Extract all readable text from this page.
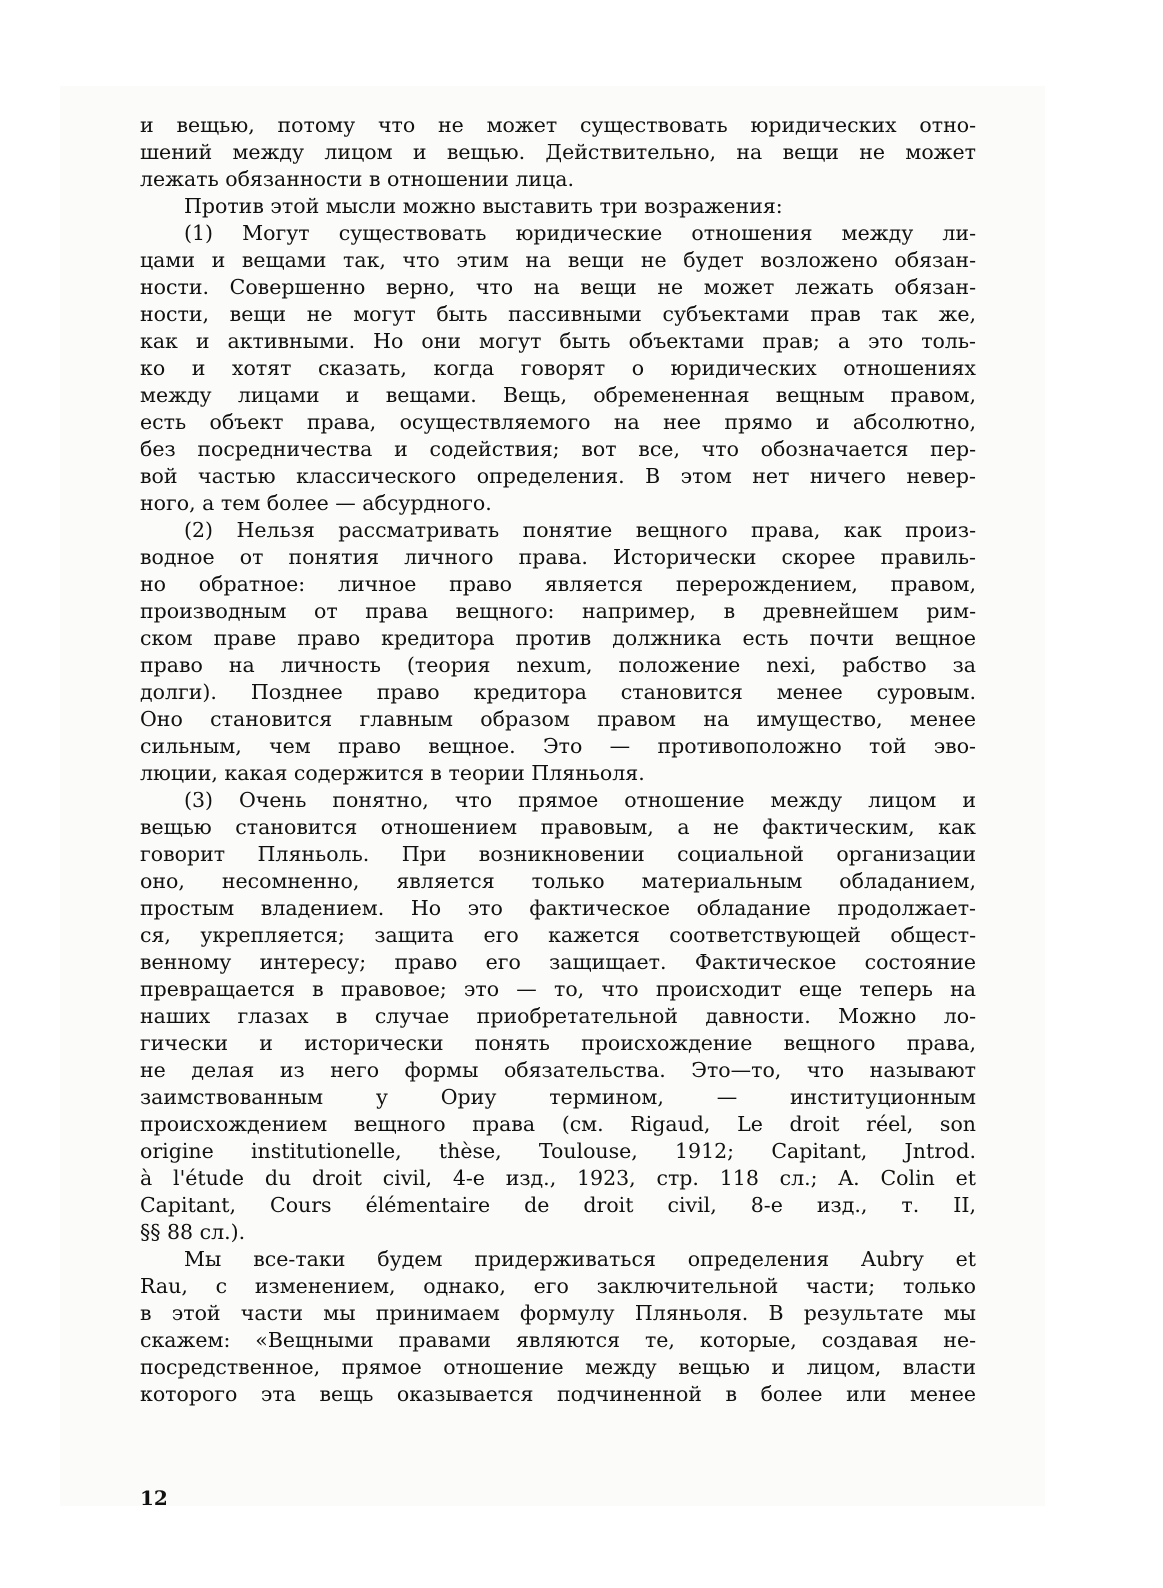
и вещью, потому что не может существовать юридических отно-
шений между лицом и вещью. Действительно, на вещи не может
лежать обязанности в отношении лица.
Против этой мысли можно выставить три возражения:
(1) Могут существовать юридические отношения между ли-
цами и вещами так, что этим на вещи не будет возложено обязан-
ности. Совершенно верно, что на вещи не может лежать обязан-
ности, вещи не могут быть пассивными субъектами прав так же,
как и активными. Но они могут быть объектами прав; а это толь-
ко и хотят сказать, когда говорят о юридических отношениях
между лицами и вещами. Вещь, обремененная вещным правом,
есть объект права, осуществляемого на нее прямо и абсолютно,
без посредничества и содействия; вот все, что обозначается пер-
вой частью классического определения. В этом нет ничего невер-
ного, а тем более — абсурдного.
(2) Нельзя рассматривать понятие вещного права, как произ-
водное от понятия личного права. Исторически скорее правиль-
но обратное: личное право является перерождением, правом,
производным от права вещного: например, в древнейшем рим-
ском праве право кредитора против должника есть почти вещное
право на личность (теория nexum, положение nexi, рабство за
долги). Позднее право кредитора становится менее суровым.
Оно становится главным образом правом на имущество, менее
сильным, чем право вещное. Это — противоположно той эво-
люции, какая содержится в теории Пляньоля.
(3) Очень понятно, что прямое отношение между лицом и
вещью становится отношением правовым, а не фактическим, как
говорит Пляньоль. При возникновении социальной организации
оно, несомненно, является только материальным обладанием,
простым владением. Но это фактическое обладание продолжает-
ся, укрепляется; защита его кажется соответствующей общест-
венному интересу; право его защищает. Фактическое состояние
превращается в правовое; это — то, что происходит еще теперь на
наших глазах в случае приобретательной давности. Можно ло-
гически и исторически понять происхождение вещного права,
не делая из него формы обязательства. Это—то, что называют
заимствованным у Ориу термином, — институционным
происхождением вещного права (см. Rigaud, Le droit réel, son
origine institutionelle, thèse, Toulouse, 1912; Capitant, Jntrod.
à l'étude du droit civil, 4-е изд., 1923, стр. 118 сл.; A. Colin et
Capitant, Cours élémentaire de droit civil, 8-е изд., т. II,
§§ 88 сл.).
Мы все-таки будем придерживаться определения Aubry et
Rau, с изменением, однако, его заключительной части; только
в этой части мы принимаем формулу Пляньоля. В результате мы
скажем: «Вещными правами являются те, которые, создавая не-
посредственное, прямое отношение между вещью и лицом, власти
которого эта вещь оказывается подчиненной в более или менее
12
